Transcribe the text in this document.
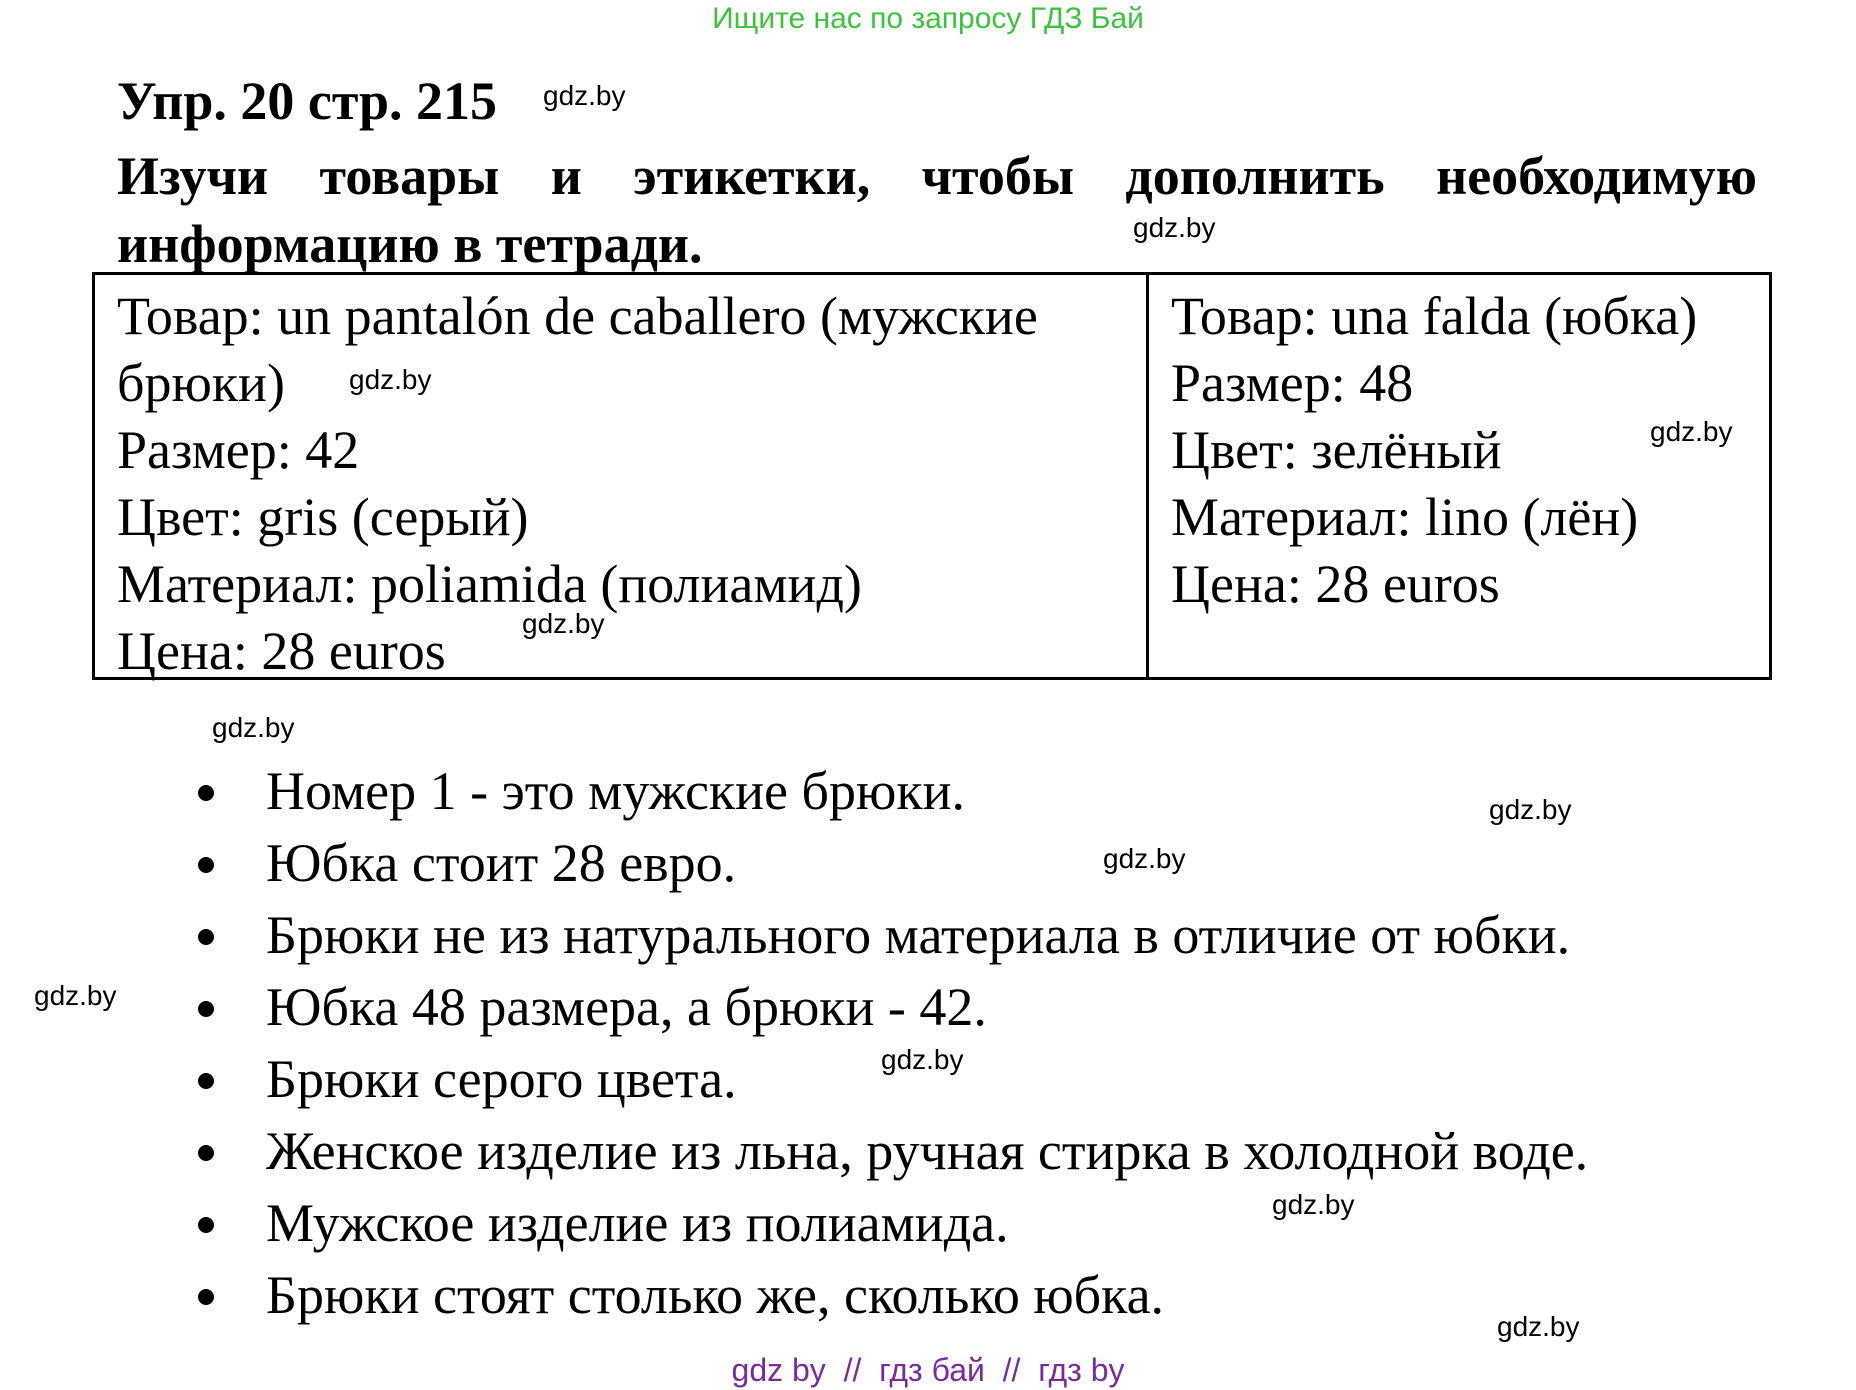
Ищите нас по запросу ГДЗ Бай
Упр. 20 стр. 215
Изучи товары и этикетки, чтобы дополнить необходимую информацию в тетради.
Товар: un pantalón de caballero (мужские
брюки)
Размер: 42
Цвет: gris (серый)
Материал: poliamida (полиамид)
Цена: 28 euros
Товар: una falda (юбка)
Размер: 48
Цвет: зелёный
Материал: lino (лён)
Цена: 28 euros
Номер 1 - это мужские брюки.
Юбка стоит 28 евро.
Брюки не из натурального материала в отличие от юбки.
Юбка 48 размера, а брюки - 42.
Брюки серого цвета.
Женское изделие из льна, ручная стирка в холодной воде.
Мужское изделие из полиамида.
Брюки стоят столько же, сколько юбка.
gdz.by
gdz.by
gdz.by
gdz.by
gdz.by
gdz.by
gdz.by
gdz.by
gdz.by
gdz.by
gdz.by
gdz.by
gdz by  //  гдз бай  //  гдз by
